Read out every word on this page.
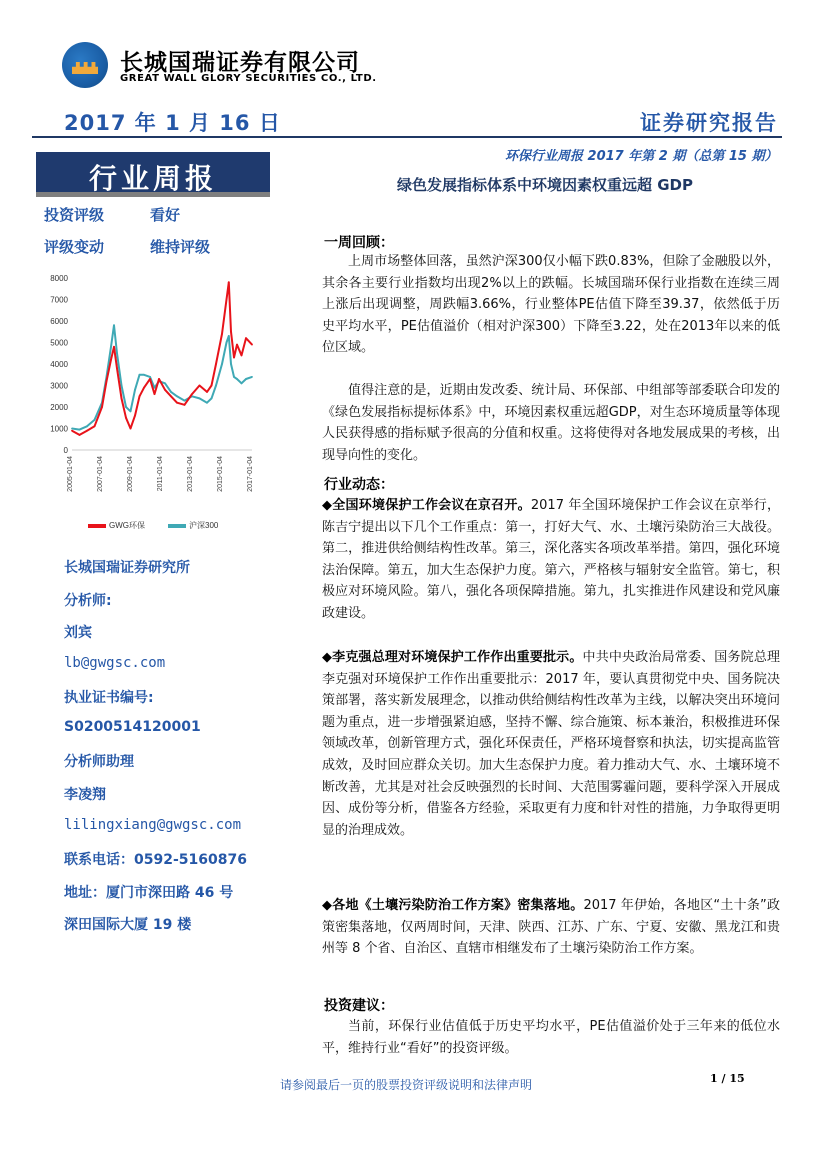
长城国瑞证券有限公司
GREAT WALL GLORY SECURITIES CO., LTD.
2017 年 1 月 16 日	证券研究报告
环保行业周报 2017 年第 2 期（总第 15 期）
行业周报
投资评级	看好
评级变动	维持评级
0
1000
2000
3000
4000
5000
6000
7000
8000
2005-01-04	2007-01-04	2009-01-04	2011-01-04	2013-01-04	2015-01-04	2017-01-04
GWG环保	沪深300
长城国瑞证券研究所
分析师:
刘宾
lb@gwgsc.com
执业证书编号:
S0200514120001
分析师助理
李凌翔
lilingxiang@gwgsc.com
联系电话：0592-5160876
地址：厦门市深田路 46 号
深田国际大厦 19 楼
绿色发展指标体系中环境因素权重远超 GDP
一周回顾：
上周市场整体回落，虽然沪深300仅小幅下跌0.83%，但除了金融股以外，其余各主要行业指数均出现2%以上的跌幅。长城国瑞环保行业指数在连续三周上涨后出现调整，周跌幅3.66%，行业整体PE估值下降至39.37，依然低于历史平均水平，PE估值溢价（相对沪深300）下降至3.22，处在2013年以来的低位区域。
值得注意的是，近期由发改委、统计局、环保部、中组部等部委联合印发的《绿色发展指标提标体系》中，环境因素权重远超GDP，对生态环境质量等体现人民获得感的指标赋予很高的分值和权重。这将使得对各地发展成果的考核，出现导向性的变化。
行业动态：
◆全国环境保护工作会议在京召开。2017 年全国环境保护工作会议在京举行，陈吉宁提出以下几个工作重点：第一，打好大气、水、土壤污染防治三大战役。第二，推进供给侧结构性改革。第三，深化落实各项改革举措。第四，强化环境法治保障。第五，加大生态保护力度。第六，严格核与辐射安全监管。第七，积极应对环境风险。第八，强化各项保障措施。第九，扎实推进作风建设和党风廉政建设。
◆李克强总理对环境保护工作作出重要批示。中共中央政治局常委、国务院总理李克强对环境保护工作作出重要批示：2017 年，要认真贯彻党中央、国务院决策部署，落实新发展理念，以推动供给侧结构性改革为主线，以解决突出环境问题为重点，进一步增强紧迫感，坚持不懈、综合施策、标本兼治，积极推进环保领域改革，创新管理方式，强化环保责任，严格环境督察和执法，切实提高监管成效，及时回应群众关切。加大生态保护力度。着力推动大气、水、土壤环境不断改善，尤其是对社会反映强烈的长时间、大范围雾霾问题，要科学深入开展成因、成份等分析，借鉴各方经验，采取更有力度和针对性的措施，力争取得更明显的治理成效。
◆各地《土壤污染防治工作方案》密集落地。2017 年伊始，各地区“土十条”政策密集落地，仅两周时间，天津、陕西、江苏、广东、宁夏、安徽、黑龙江和贵州等 8 个省、自治区、直辖市相继发布了土壤污染防治工作方案。
投资建议：
当前，环保行业估值低于历史平均水平，PE估值溢价处于三年来的低位水平，维持行业“看好”的投资评级。
请参阅最后一页的股票投资评级说明和法律声明	1 / 15
